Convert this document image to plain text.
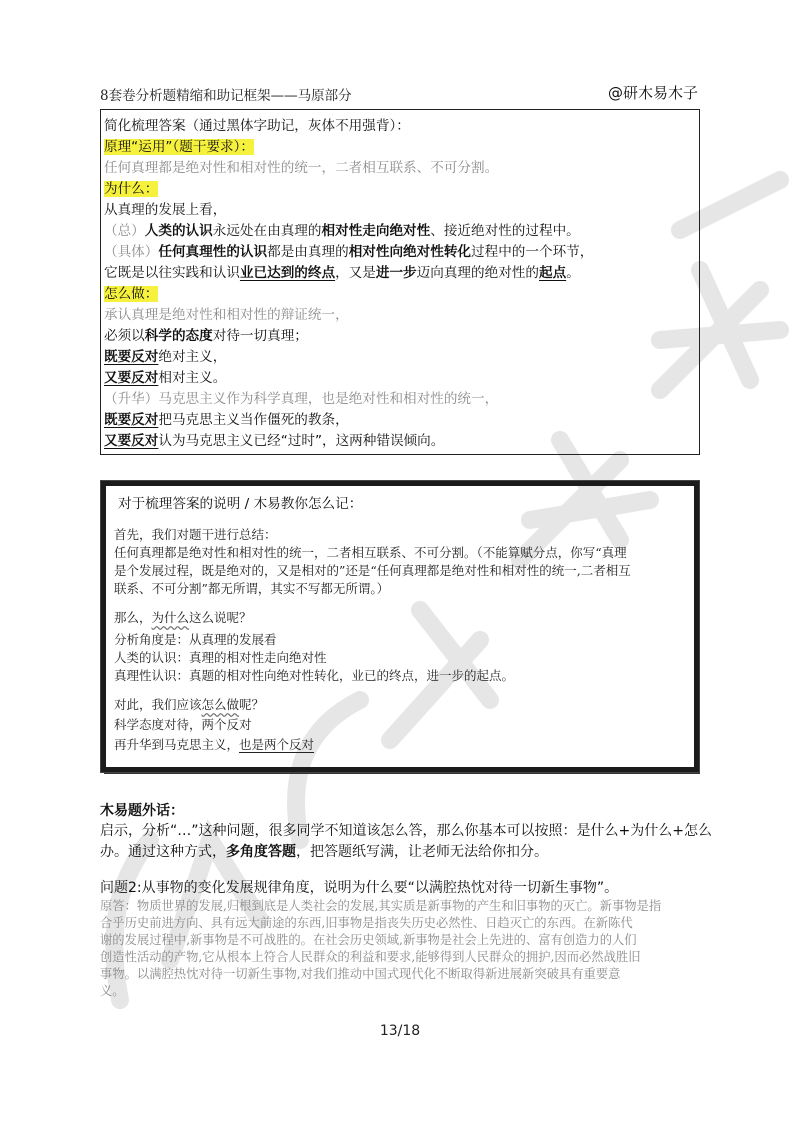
8套卷分析题精缩和助记框架——马原部分	@研木易木子
简化梳理答案（通过黑体字助记，灰体不用强背）：
原理“运用”（题干要求）：
任何真理都是绝对性和相对性的统一，二者相互联系、不可分割。
为什么：
从真理的发展上看，
（总）人类的认识永远处在由真理的相对性走向绝对性、接近绝对性的过程中。
（具体）任何真理性的认识都是由真理的相对性向绝对性转化过程中的一个环节，
它既是以往实践和认识业已达到的终点，又是进一步迈向真理的绝对性的起点。
怎么做：
承认真理是绝对性和相对性的辩证统一，
必须以科学的态度对待一切真理；
既要反对绝对主义，
又要反对相对主义。
（升华）马克思主义作为科学真理，也是绝对性和相对性的统一，
既要反对把马克思主义当作僵死的教条，
又要反对认为马克思主义已经“过时”，这两种错误倾向。
对于梳理答案的说明 / 木易教你怎么记：
首先，我们对题干进行总结：
任何真理都是绝对性和相对性的统一，二者相互联系、不可分割。（不能算赋分点，你写“真理
是个发展过程，既是绝对的，又是相对的”还是“任何真理都是绝对性和相对性的统一,二者相互
联系、不可分割”都无所谓，其实不写都无所谓。）
那么，为什么这么说呢？
分析角度是：从真理的发展看
人类的认识：真理的相对性走向绝对性
真理性认识：真题的相对性向绝对性转化，业已的终点，进一步的起点。
对此，我们应该怎么做呢？
科学态度对待，两个反对
再升华到马克思主义，也是两个反对
木易题外话：
启示，分析“…”这种问题，很多同学不知道该怎么答，那么你基本可以按照：是什么+为什么+怎么
办。通过这种方式，多角度答题，把答题纸写满，让老师无法给你扣分。
问题2:从事物的变化发展规律角度，说明为什么要“以满腔热忱对待一切新生事物”。
原答：物质世界的发展,归根到底是人类社会的发展,其实质是新事物的产生和旧事物的灭亡。新事物是指
合乎历史前进方向、具有远大前途的东西,旧事物是指丧失历史必然性、日趋灭亡的东西。在新陈代
谢的发展过程中,新事物是不可战胜的。在社会历史领域,新事物是社会上先进的、富有创造力的人们
创造性活动的产物,它从根本上符合人民群众的利益和要求,能够得到人民群众的拥护,因而必然战胜旧
事物。以满腔热忱对待一切新生事物,对我们推动中国式现代化不断取得新进展新突破具有重要意
义。
13/18
